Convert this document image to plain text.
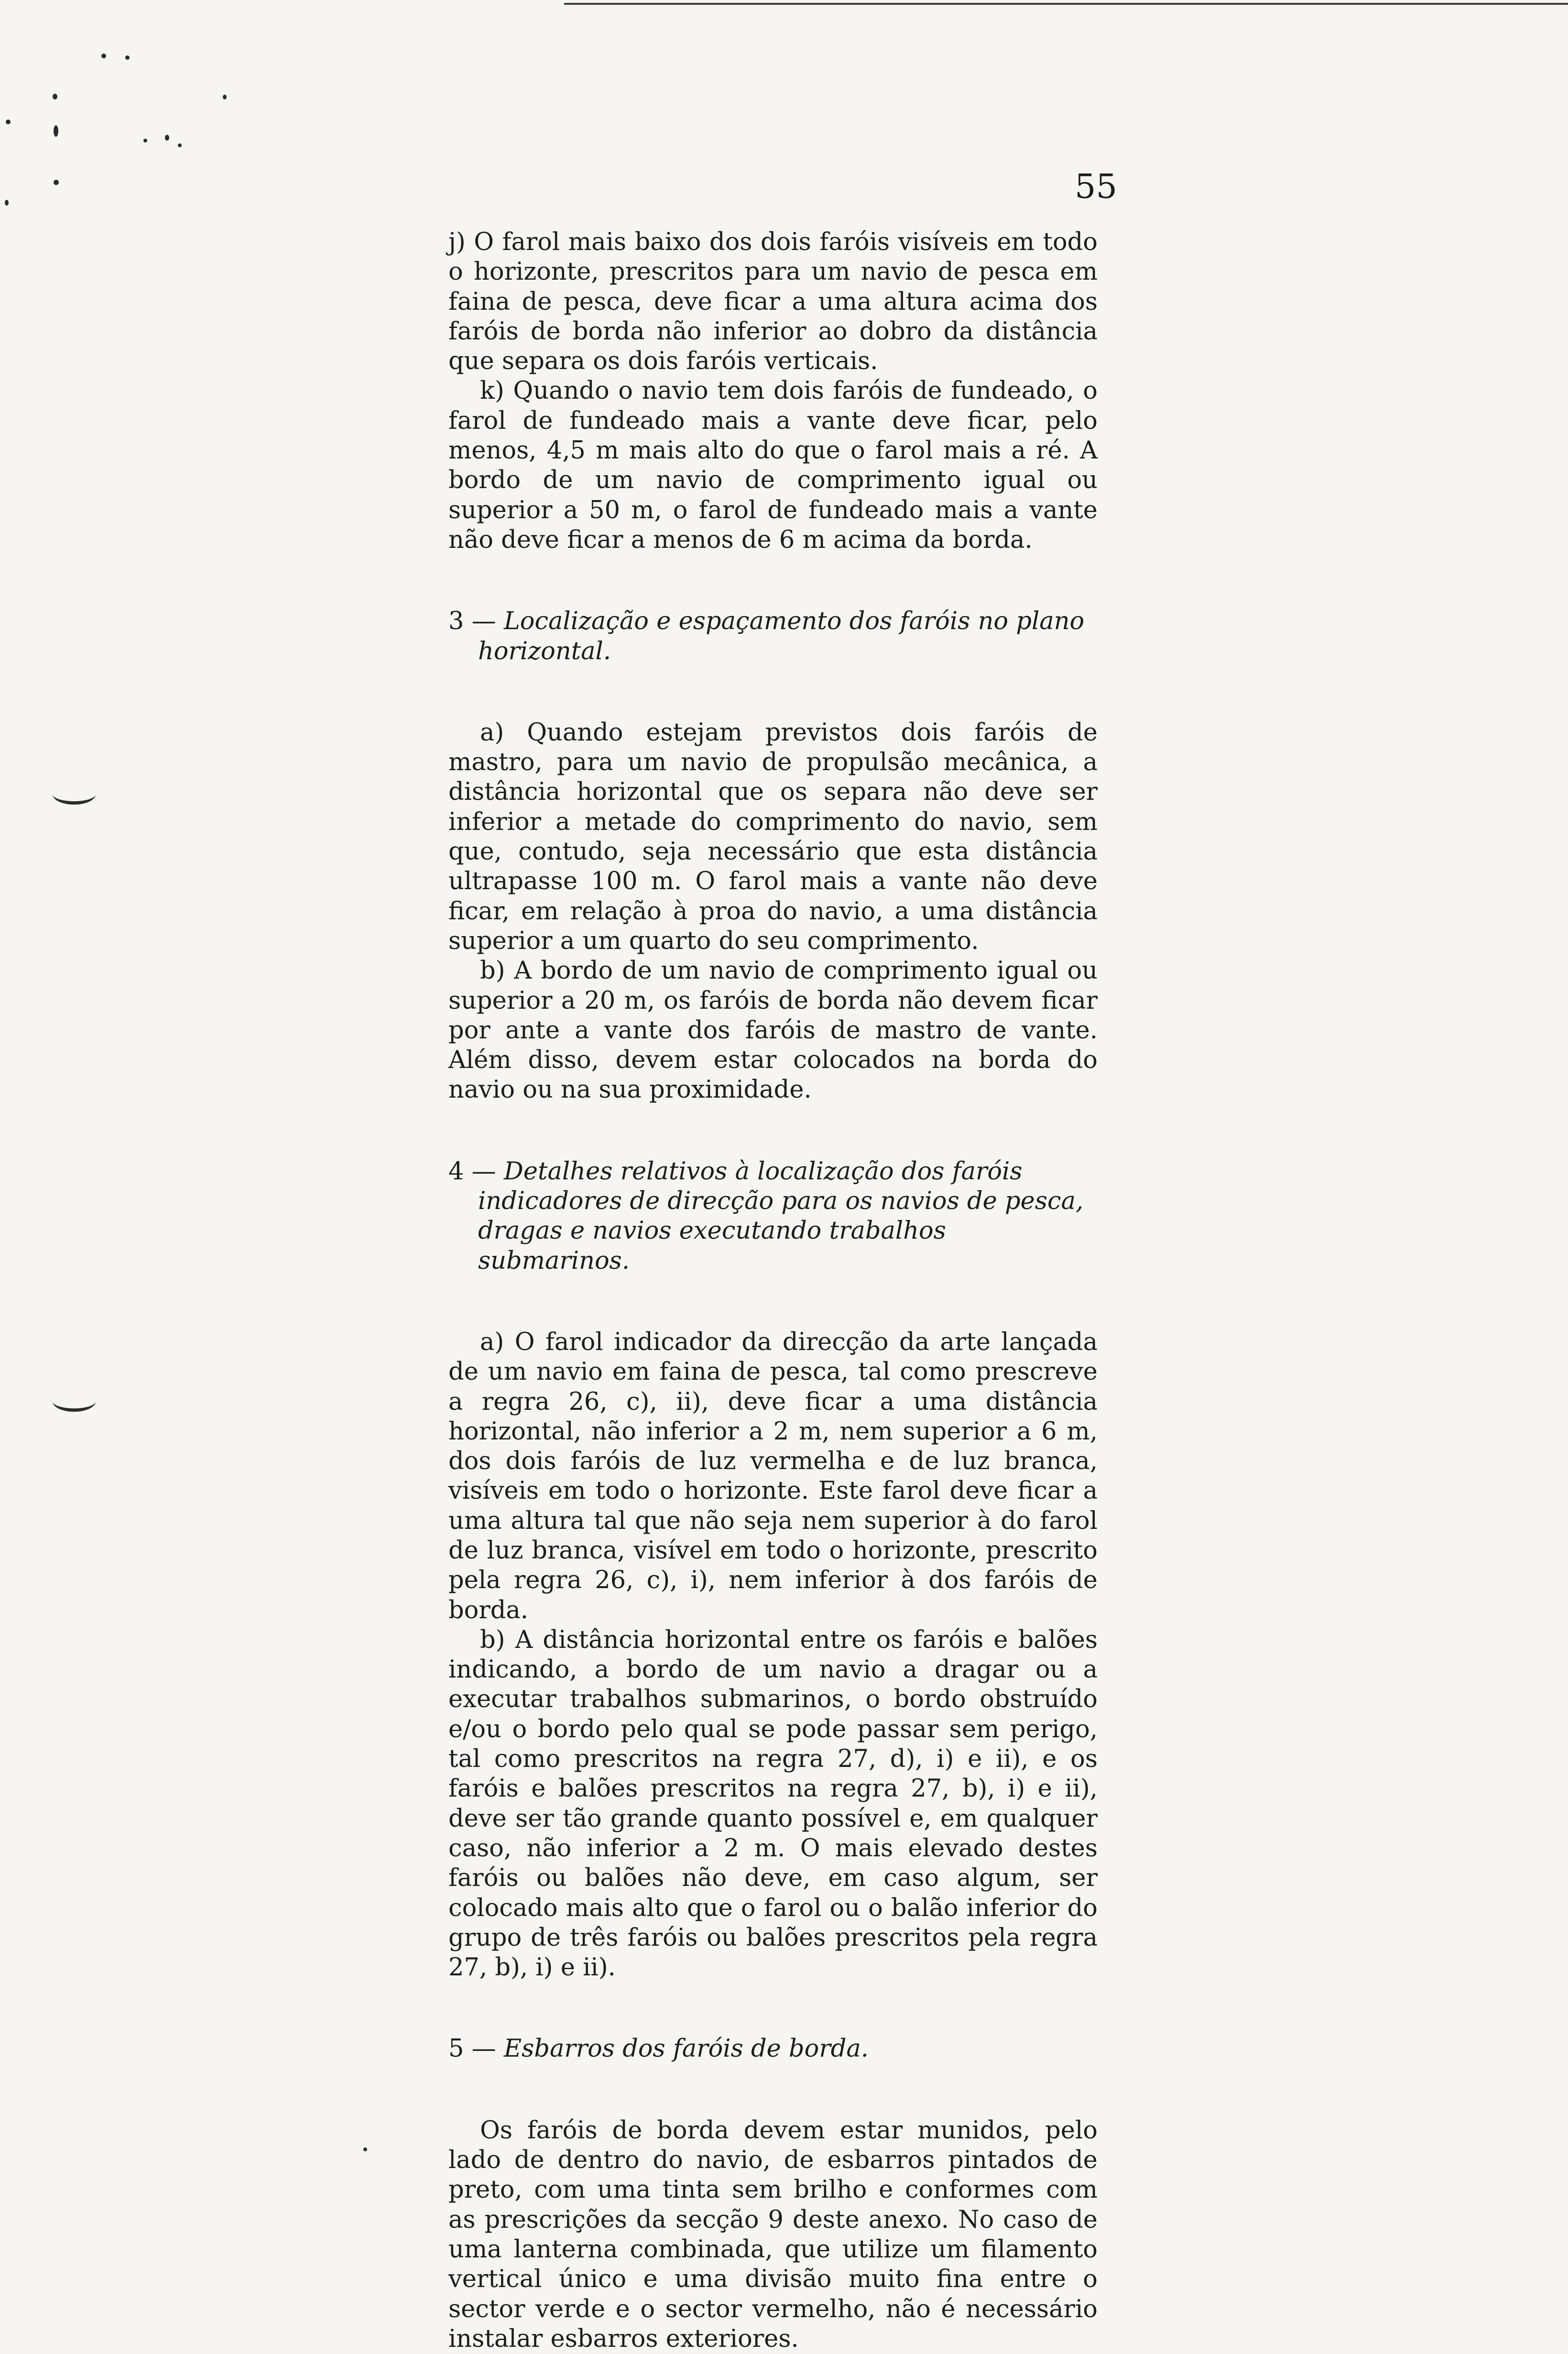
55

j) O farol mais baixo dos dois faróis visíveis em todo o horizonte, prescritos para um navio de pesca em faina de pesca, deve ficar a uma altura acima dos faróis de borda não inferior ao dobro da distância que separa os dois faróis verticais.

k) Quando o navio tem dois faróis de fundeado, o farol de fundeado mais a vante deve ficar, pelo menos, 4,5 m mais alto do que o farol mais a ré. A bordo de um navio de comprimento igual ou superior a 50 m, o farol de fundeado mais a vante não deve ficar a menos de 6 m acima da borda.

3 — Localização e espaçamento dos faróis no plano horizontal.

a) Quando estejam previstos dois faróis de mastro, para um navio de propulsão mecânica, a distância horizontal que os separa não deve ser inferior a metade do comprimento do navio, sem que, contudo, seja necessário que esta distância ultrapasse 100 m. O farol mais a vante não deve ficar, em relação à proa do navio, a uma distância superior a um quarto do seu comprimento.

b) A bordo de um navio de comprimento igual ou superior a 20 m, os faróis de borda não devem ficar por ante a vante dos faróis de mastro de vante. Além disso, devem estar colocados na borda do navio ou na sua proximidade.

4 — Detalhes relativos à localização dos faróis indicadores de direcção para os navios de pesca, dragas e navios executando trabalhos submarinos.

a) O farol indicador da direcção da arte lançada de um navio em faina de pesca, tal como prescreve a regra 26, c), ii), deve ficar a uma distância horizontal, não inferior a 2 m, nem superior a 6 m, dos dois faróis de luz vermelha e de luz branca, visíveis em todo o horizonte. Este farol deve ficar a uma altura tal que não seja nem superior à do farol de luz branca, visível em todo o horizonte, prescrito pela regra 26, c), i), nem inferior à dos faróis de borda.

b) A distância horizontal entre os faróis e balões indicando, a bordo de um navio a dragar ou a executar trabalhos submarinos, o bordo obstruído e/ou o bordo pelo qual se pode passar sem perigo, tal como prescritos na regra 27, d), i) e ii), e os faróis e balões prescritos na regra 27, b), i) e ii), deve ser tão grande quanto possível e, em qualquer caso, não inferior a 2 m. O mais elevado destes faróis ou balões não deve, em caso algum, ser colocado mais alto que o farol ou o balão inferior do grupo de três faróis ou balões prescritos pela regra 27, b), i) e ii).

5 — Esbarros dos faróis de borda.

Os faróis de borda devem estar munidos, pelo lado de dentro do navio, de esbarros pintados de preto, com uma tinta sem brilho e conformes com as prescrições da secção 9 deste anexo. No caso de uma lanterna combinada, que utilize um filamento vertical único e uma divisão muito fina entre o sector verde e o sector vermelho, não é necessário instalar esbarros exteriores.
